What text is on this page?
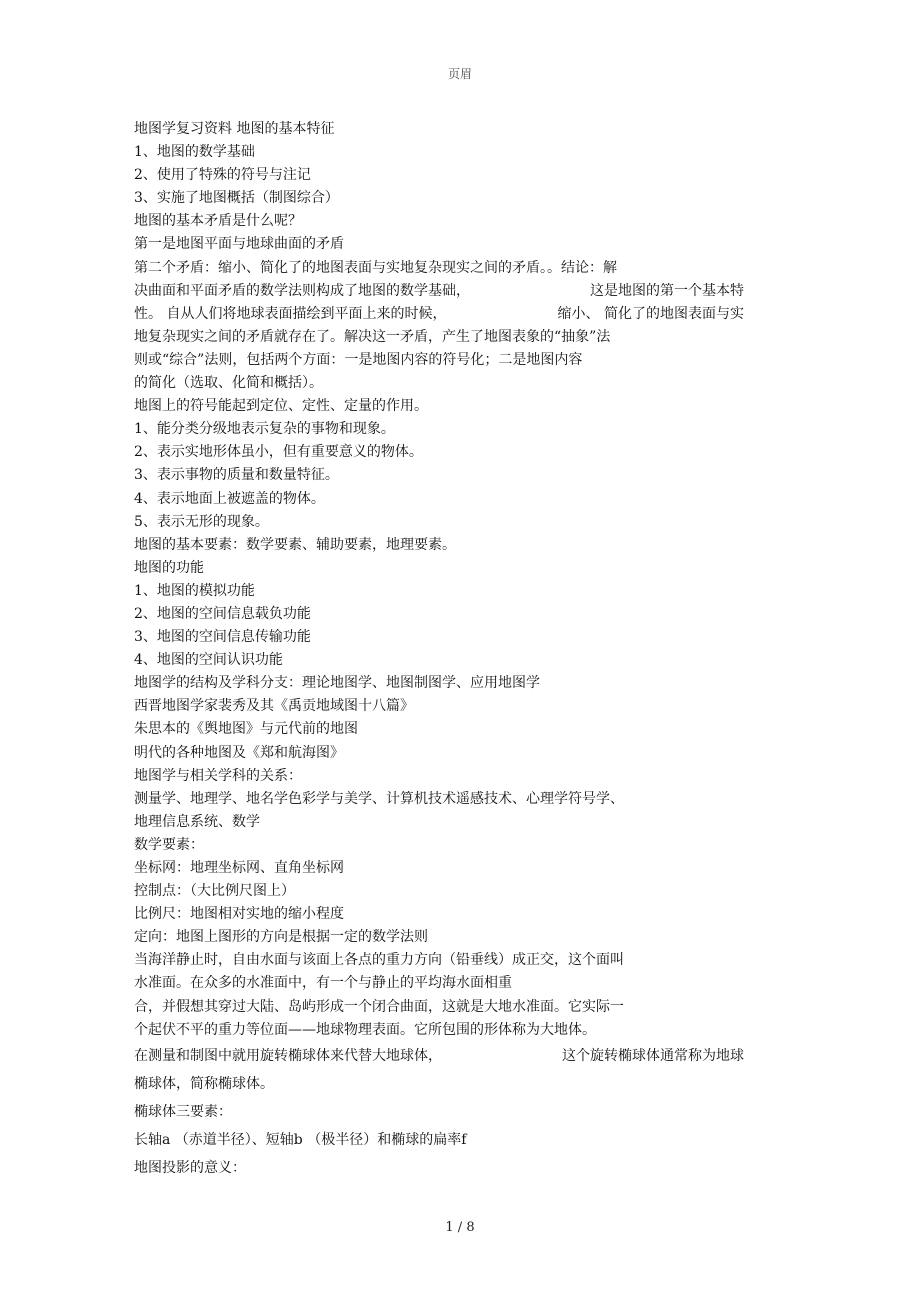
页眉
地图学复习资料 地图的基本特征
1、地图的数学基础
2、使用了特殊的符号与注记
3、实施了地图概括（制图综合）
地图的基本矛盾是什么呢？
第一是地图平面与地球曲面的矛盾
第二个矛盾：缩小、简化了的地图表面与实地复杂现实之间的矛盾。。结论：解
决曲面和平面矛盾的数学法则构成了地图的数学基础，	这是地图的第一个基本特
性。 自从人们将地球表面描绘到平面上来的时候，	缩小、 简化了的地图表面与实
地复杂现实之间的矛盾就存在了。解决这一矛盾，产生了地图表象的“抽象”法
则或“综合”法则，包括两个方面：一是地图内容的符号化；二是地图内容
的简化（选取、化简和概括）。
地图上的符号能起到定位、定性、定量的作用。
1、能分类分级地表示复杂的事物和现象。
2、表示实地形体虽小，但有重要意义的物体。
3、表示事物的质量和数量特征。
4、表示地面上被遮盖的物体。
5、表示无形的现象。
地图的基本要素：数学要素、辅助要素，地理要素。
地图的功能
1、地图的模拟功能
2、地图的空间信息载负功能
3、地图的空间信息传输功能
4、地图的空间认识功能
地图学的结构及学科分支：理论地图学、地图制图学、应用地图学
西晋地图学家裴秀及其《禹贡地域图十八篇》
朱思本的《舆地图》与元代前的地图
明代的各种地图及《郑和航海图》
地图学与相关学科的关系：
测量学、地理学、地名学色彩学与美学、计算机技术遥感技术、心理学符号学、
地理信息系统、数学
数学要素：
坐标网：地理坐标网、直角坐标网
控制点：（大比例尺图上）
比例尺：地图相对实地的缩小程度
定向：地图上图形的方向是根据一定的数学法则
当海洋静止时，自由水面与该面上各点的重力方向（铅垂线）成正交，这个面叫
水准面。在众多的水准面中，有一个与静止的平均海水面相重
合，并假想其穿过大陆、岛屿形成一个闭合曲面，这就是大地水准面。它实际一
个起伏不平的重力等位面——地球物理表面。它所包围的形体称为大地体。
在测量和制图中就用旋转椭球体来代替大地球体，	这个旋转椭球体通常称为地球
椭球体，简称椭球体。
椭球体三要素：
长轴a （赤道半径）、短轴b （极半径）和椭球的扁率f
地图投影的意义：
1 / 8
